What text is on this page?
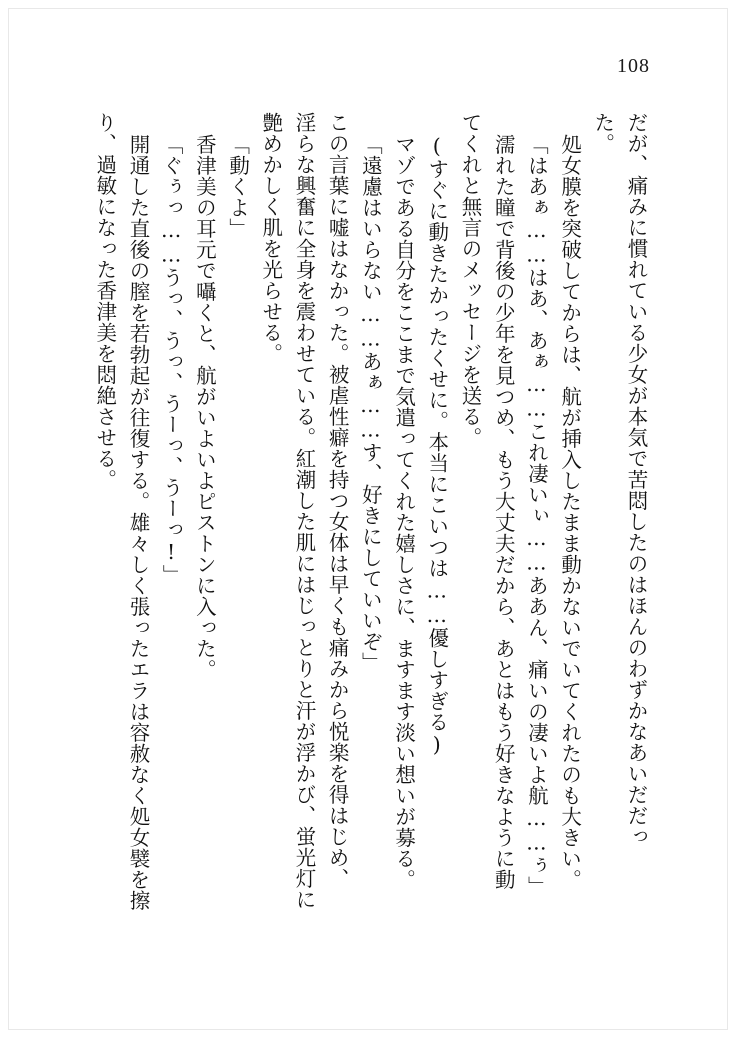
108
だが、痛みに慣れている少女が本気で苦悶したのはほんのわずかなあいだだっ
た。
処女膜を突破してからは、航が挿入したまま動かないでいてくれたのも大きい。
「はあぁ……はあ、あぁ……これ凄いぃ……ああん、痛いの凄いよ航……ぅ」
濡れた瞳で背後の少年を見つめ、もう大丈夫だから、あとはもう好きなように動
てくれと無言のメッセージを送る。
(すぐに動きたかったくせに。本当にこいつは……優しすぎる)
マゾである自分をここまで気遣ってくれた嬉しさに、ますます淡い想いが募る。
「遠慮はいらない……あぁ……す、好きにしていいぞ」
この言葉に嘘はなかった。被虐性癖を持つ女体は早くも痛みから悦楽を得はじめ、
淫らな興奮に全身を震わせている。紅潮した肌にはじっとりと汗が浮かび、蛍光灯に
艶めかしく肌を光らせる。
「動くよ」
香津美の耳元で囁くと、航がいよいよピストンに入った。
「ぐぅっ……うっ、うっ、うーっ、うーっ!」
開通した直後の膣を若勃起が往復する。雄々しく張ったエラは容赦なく処女襞を擦
り、過敏になった香津美を悶絶させる。
